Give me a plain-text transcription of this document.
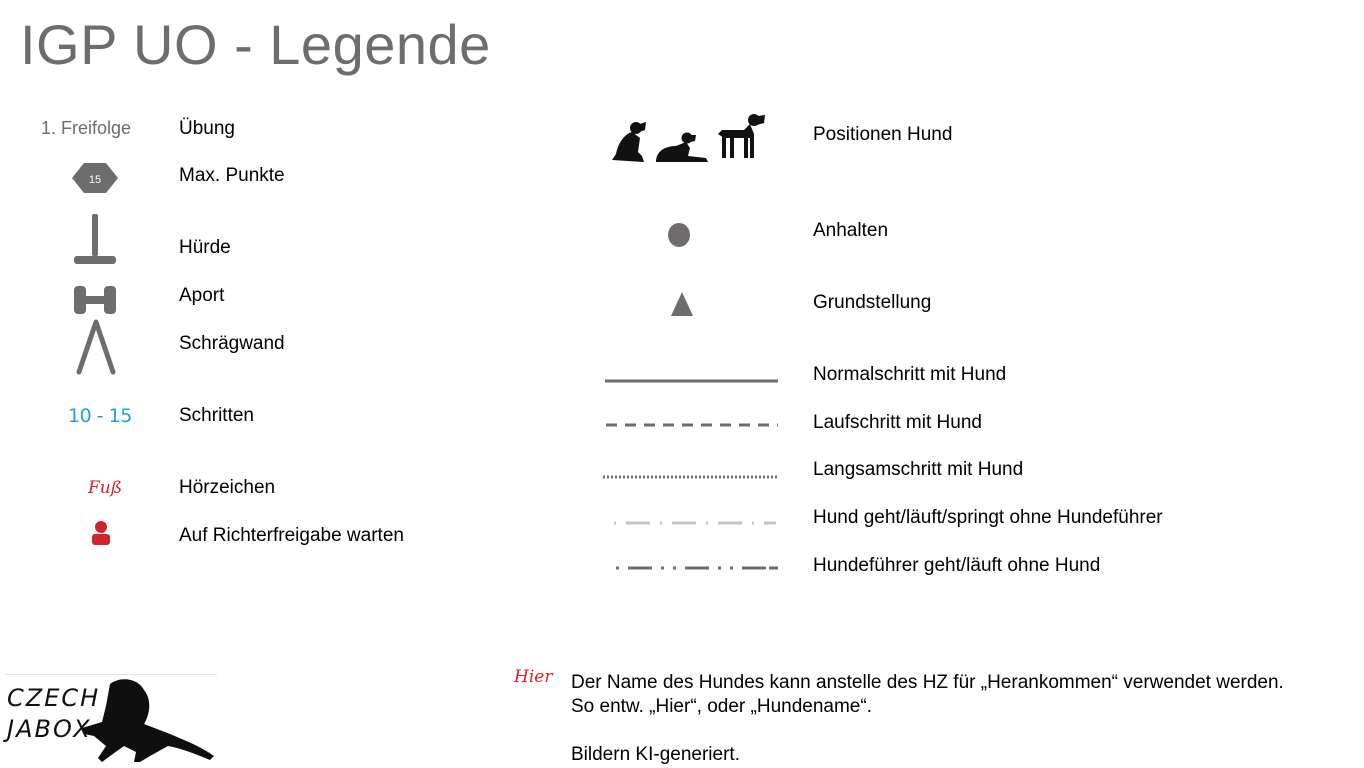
IGP UO - Legende
1. Freifolge	Übung
15	Max. Punkte
Hürde
Aport
Schrägwand
10 - 15 Schritten
Fuß	Hörzeichen
Auf Richterfreigabe warten
Positionen Hund
Anhalten
Grundstellung
Normalschritt mit Hund
Laufschritt mit Hund
Langsamschritt mit Hund
Hund geht/läuft/springt ohne Hundeführer
Hundeführer geht/läuft ohne Hund
CZECH
JABOX
Hier Der Name des Hundes kann anstelle des HZ für „Herankommen“ verwendet werden.
So entw. „Hier“, oder „Hundename“.
Bildern KI-generiert.
